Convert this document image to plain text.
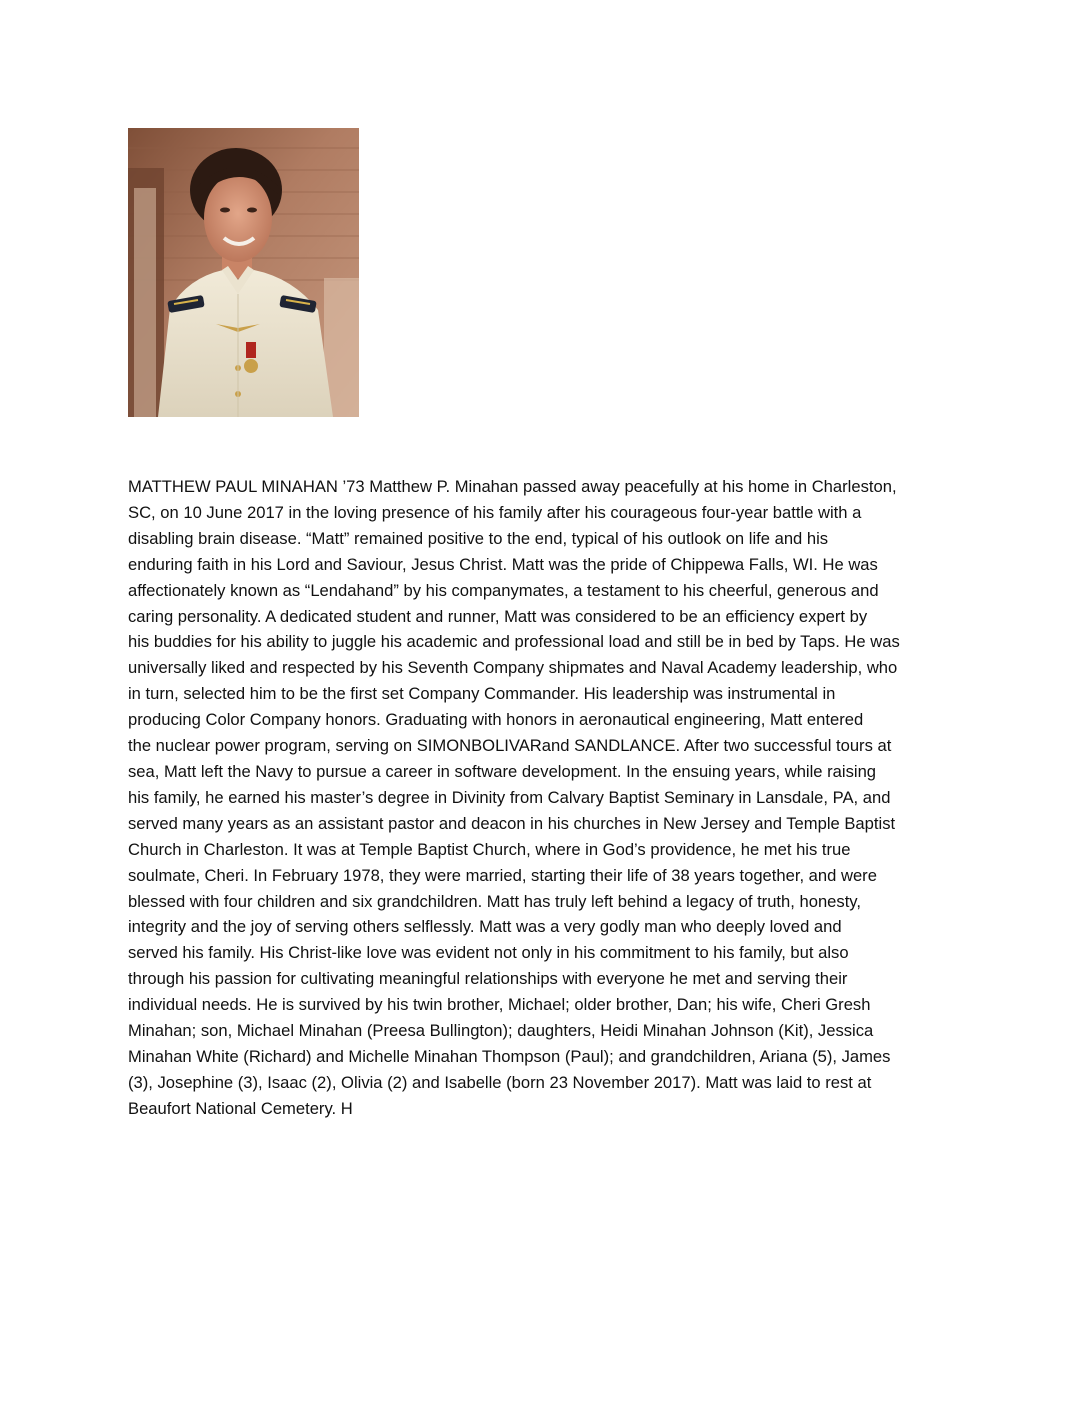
MATTHEW PAUL MINAHAN ’73 Matthew P. Minahan passed away peacefully at his home in Charleston,
SC, on 10 June 2017 in the loving presence of his family after his courageous four-year battle with a
disabling brain disease. “Matt” remained positive to the end, typical of his outlook on life and his
enduring faith in his Lord and Saviour, Jesus Christ. Matt was the pride of Chippewa Falls, WI. He was
affectionately known as “Lendahand” by his companymates, a testament to his cheerful, generous and
caring personality. A dedicated student and runner, Matt was considered to be an efficiency expert by
his buddies for his ability to juggle his academic and professional load and still be in bed by Taps. He was
universally liked and respected by his Seventh Company shipmates and Naval Academy leadership, who
in turn, selected him to be the first set Company Commander. His leadership was instrumental in
producing Color Company honors. Graduating with honors in aeronautical engineering, Matt entered
the nuclear power program, serving on SIMONBOLIVARand SANDLANCE. After two successful tours at
sea, Matt left the Navy to pursue a career in software development. In the ensuing years, while raising
his family, he earned his master’s degree in Divinity from Calvary Baptist Seminary in Lansdale, PA, and
served many years as an assistant pastor and deacon in his churches in New Jersey and Temple Baptist
Church in Charleston. It was at Temple Baptist Church, where in God’s providence, he met his true
soulmate, Cheri. In February 1978, they were married, starting their life of 38 years together, and were
blessed with four children and six grandchildren. Matt has truly left behind a legacy of truth, honesty,
integrity and the joy of serving others selflessly. Matt was a very godly man who deeply loved and
served his family. His Christ-like love was evident not only in his commitment to his family, but also
through his passion for cultivating meaningful relationships with everyone he met and serving their
individual needs. He is survived by his twin brother, Michael; older brother, Dan; his wife, Cheri Gresh
Minahan; son, Michael Minahan (Preesa Bullington); daughters, Heidi Minahan Johnson (Kit), Jessica
Minahan White (Richard) and Michelle Minahan Thompson (Paul); and grandchildren, Ariana (5), James
(3), Josephine (3), Isaac (2), Olivia (2) and Isabelle (born 23 November 2017). Matt was laid to rest at
Beaufort National Cemetery. H
